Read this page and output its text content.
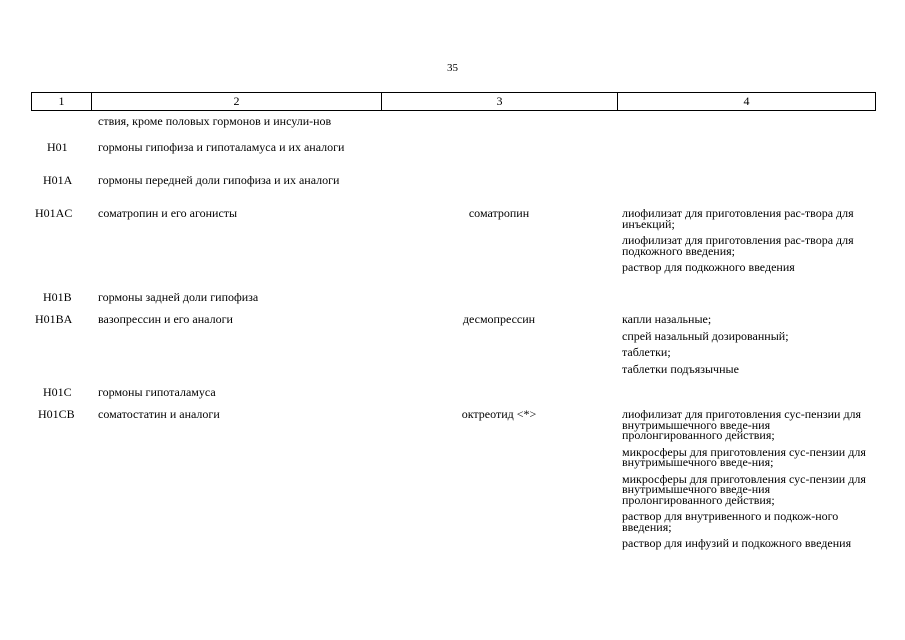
35
1	2	3	4
ствия, кроме половых гормонов и инсули-нов
H01	гормоны гипофиза и гипоталамуса и их аналоги
H01A	гормоны передней доли гипофиза и их аналоги
H01AC	соматропин и его агонисты	соматропин	лиофилизат для приготовления рас-твора для инъекций;
лиофилизат для приготовления рас-твора для подкожного введения;
раствор для подкожного введения
H01B	гормоны задней доли гипофиза
H01BA	вазопрессин и его аналоги	десмопрессин	капли назальные;
спрей назальный дозированный;
таблетки;
таблетки подъязычные
H01C	гормоны гипоталамуса
H01CB	соматостатин и аналоги	октреотид <*>	лиофилизат для приготовления сус-пензии для внутримышечного введе-ния пролонгированного действия;
микросферы для приготовления сус-пензии для внутримышечного введе-ния;
микросферы для приготовления сус-пензии для внутримышечного введе-ния пролонгированного действия;
раствор для внутривенного и подкож-ного введения;
раствор для инфузий и подкожного введения
